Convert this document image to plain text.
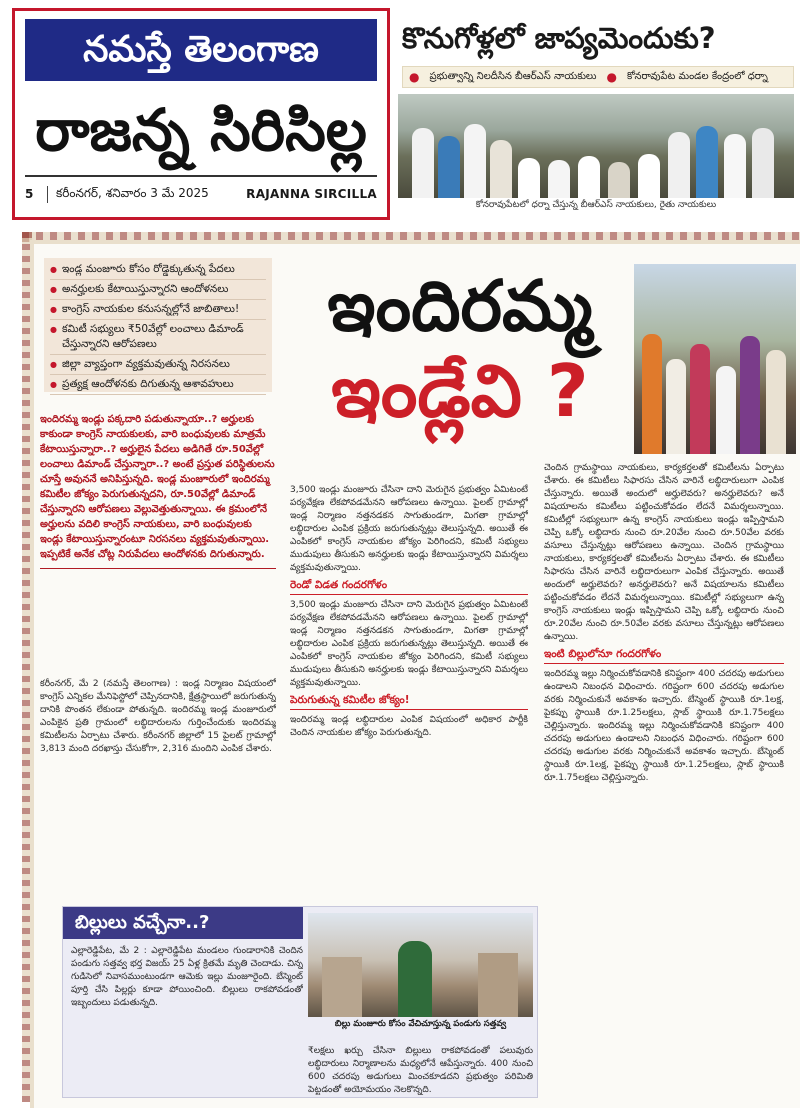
నమస్తే తెలంగాణ
రాజన్న సిరిసిల్ల
5	కరీంనగర్, శనివారం 3 మే 2025	RAJANNA SIRCILLA
కొనుగోళ్లలో జాప్యమెందుకు?
● ప్రభుత్వాన్ని నిలదీసిన బీఆర్ఎస్ నాయకులు ● కోనరావుపేట మండల కేంద్రంలో ధర్నా
కోనరావుపేటలో ధర్నా చేస్తున్న బీఆర్ఎస్ నాయకులు, రైతు నాయకులు
● ఇండ్ల మంజూరు కోసం రోడ్డెక్కుతున్న పేదలు
● అనర్హులకు కేటాయిస్తున్నారని ఆందోళనలు
● కాంగ్రెస్ నాయకుల కనుసన్నల్లోనే జాబితాలు!
● కమిటీ సభ్యులు ₹50వేల్లో లంచాలు డిమాండ్ చేస్తున్నారని ఆరోపణలు
● జిల్లా వ్యాప్తంగా వ్యక్తమవుతున్న నిరసనలు
● ప్రత్యక్ష ఆందోళనకు దిగుతున్న ఆశావహులు
ఇందిరమ్మ
ఇండ్లేవి ?
ఇందిరమ్మ ఇండ్లు పక్కదారి పడుతున్నాయా..? అర్హులకు కాకుండా కాంగ్రెస్ నాయకులకు, వారి బంధువులకు మాత్రమే కేటాయిస్తున్నారా..? అర్హులైన పేదలు అడిగితే రూ.50వేల్లో లంచాలు డిమాండ్ చేస్తున్నారా..? అంటే ప్రస్తుత పరిస్థితులను చూస్తే అవుననే అనిపిస్తున్నది. ఇండ్ల మంజూరులో ఇందిరమ్మ కమిటీల జోక్యం పెరుగుతున్నదని, రూ.50వేల్లో డిమాండ్ చేస్తున్నారని ఆరోపణలు వెల్లువెత్తుతున్నాయి. ఈ క్రమంలోనే అర్హులను వదిలి కాంగ్రెస్ నాయకులు, వారి బంధువులకు ఇండ్లు కేటాయిస్తున్నారంటూ నిరసనలు వ్యక్తమవుతున్నాయి. ఇప్పటికే అనేక చోట్ల నిరుపేదలు ఆందోళనకు దిగుతున్నారు.
కరీంనగర్, మే 2 (నమస్తే తెలంగాణ) : ఇండ్ల నిర్మాణం విషయంలో కాంగ్రెస్ ఎన్నికల మేనిఫెస్టోలో చెప్పినదానికి, క్షేత్రస్థాయిలో జరుగుతున్న దానికి పొంతన లేకుండా పోతున్నది. ఇందిరమ్మ ఇండ్ల మంజూరులో ఎంపికైన ప్రతి గ్రామంలో లబ్ధిదారులను గుర్తించేందుకు ఇందిరమ్మ కమిటీలను ఏర్పాటు చేశారు. కరీంనగర్ జిల్లాలో 15 పైలట్ గ్రామాల్లో 3,813 మంది దరఖాస్తు చేసుకోగా, 2,316 మందిని ఎంపిక చేశారు.
3,500 ఇండ్లు మంజూరు చేసినా దాని మెరుగైన ప్రభుత్వం ఏమిటంటే పర్యవేక్షణ లేకపోవడమేనని ఆరోపణలు ఉన్నాయి. పైలట్ గ్రామాల్లో ఇండ్ల నిర్మాణం నత్తనడకన సాగుతుండగా, మిగతా గ్రామాల్లో లబ్ధిదారుల ఎంపిక ప్రక్రియ జరుగుతున్నట్లు తెలుస్తున్నది. అయితే ఈ ఎంపికలో కాంగ్రెస్ నాయకుల జోక్యం పెరిగిందని, కమిటీ సభ్యులు ముడుపులు తీసుకుని అనర్హులకు ఇండ్లు కేటాయిస్తున్నారని విమర్శలు వ్యక్తమవుతున్నాయి.
రెండో విడత గందరగోళం
3,500 ఇండ్లు మంజూరు చేసినా దాని మెరుగైన ప్రభుత్వం ఏమిటంటే పర్యవేక్షణ లేకపోవడమేనని ఆరోపణలు ఉన్నాయి. పైలట్ గ్రామాల్లో ఇండ్ల నిర్మాణం నత్తనడకన సాగుతుండగా, మిగతా గ్రామాల్లో లబ్ధిదారుల ఎంపిక ప్రక్రియ జరుగుతున్నట్లు తెలుస్తున్నది. అయితే ఈ ఎంపికలో కాంగ్రెస్ నాయకుల జోక్యం పెరిగిందని, కమిటీ సభ్యులు ముడుపులు తీసుకుని అనర్హులకు ఇండ్లు కేటాయిస్తున్నారని విమర్శలు వ్యక్తమవుతున్నాయి.
పెరుగుతున్న కమిటీల జోక్యం!
ఇందిరమ్మ ఇండ్ల లబ్ధిదారుల ఎంపిక విషయంలో అధికార పార్టీకి చెందిన నాయకుల జోక్యం పెరుగుతున్నది.
చెందిన గ్రామస్థాయి నాయకులు, కార్యకర్తలతో కమిటీలను ఏర్పాటు చేశారు. ఈ కమిటీలు సిఫారసు చేసిన వారినే లబ్ధిదారులుగా ఎంపిక చేస్తున్నారు. అయితే అందులో అర్హులెవరు? అనర్హులెవరు? అనే విషయాలను కమిటీలు పట్టించుకోవడం లేదనే విమర్శలున్నాయి. కమిటీల్లో సభ్యులుగా ఉన్న కాంగ్రెస్ నాయకులు ఇండ్లు ఇప్పిస్తామని చెప్పి ఒక్కో లబ్ధిదారు నుంచి రూ.20వేల నుంచి రూ.50వేల వరకు వసూలు చేస్తున్నట్లు ఆరోపణలు ఉన్నాయి. చెందిన గ్రామస్థాయి నాయకులు, కార్యకర్తలతో కమిటీలను ఏర్పాటు చేశారు. ఈ కమిటీలు సిఫారసు చేసిన వారినే లబ్ధిదారులుగా ఎంపిక చేస్తున్నారు. అయితే అందులో అర్హులెవరు? అనర్హులెవరు? అనే విషయాలను కమిటీలు పట్టించుకోవడం లేదనే విమర్శలున్నాయి. కమిటీల్లో సభ్యులుగా ఉన్న కాంగ్రెస్ నాయకులు ఇండ్లు ఇప్పిస్తామని చెప్పి ఒక్కో లబ్ధిదారు నుంచి రూ.20వేల నుంచి రూ.50వేల వరకు వసూలు చేస్తున్నట్లు ఆరోపణలు ఉన్నాయి.
ఇంటి బిల్లులోనూ గందరగోళం
ఇందిరమ్మ ఇల్లు నిర్మించుకోవడానికి కనిష్టంగా 400 చదరపు అడుగులు ఉండాలని నిబంధన విధించారు. గరిష్టంగా 600 చదరపు అడుగుల వరకు నిర్మించుకునే అవకాశం ఇచ్చారు. బేస్మెంట్ స్థాయికి రూ.1లక్ష, పైకప్పు స్థాయికి రూ.1.25లక్షలు, స్లాబ్ స్థాయికి రూ.1.75లక్షలు చెల్లిస్తున్నారు. ఇందిరమ్మ ఇల్లు నిర్మించుకోవడానికి కనిష్టంగా 400 చదరపు అడుగులు ఉండాలని నిబంధన విధించారు. గరిష్టంగా 600 చదరపు అడుగుల వరకు నిర్మించుకునే అవకాశం ఇచ్చారు. బేస్మెంట్ స్థాయికి రూ.1లక్ష, పైకప్పు స్థాయికి రూ.1.25లక్షలు, స్లాబ్ స్థాయికి రూ.1.75లక్షలు చెల్లిస్తున్నారు.
బిల్లులు వచ్చేనా..?
ఎల్లారెడ్డిపేట, మే 2 : ఎల్లారెడ్డిపేట మండలం గుండారానికి చెందిన పండుగు సత్తవ్వ భర్త విజయ్ 25 ఏళ్ల క్రితమే మృతి చెందాడు. చిన్న గుడిసెలో నివాసముంటుండగా ఆమెకు ఇల్లు మంజూరైంది. బేస్మెంట్ పూర్తి చేసి పిల్లర్లు కూడా పోయించింది. బిల్లులు రాకపోవడంతో ఇబ్బందులు పడుతున్నది.
బిల్లు మంజూరు కోసం వేచిచూస్తున్న పండుగు సత్తవ్వ
₹లక్షలు ఖర్చు చేసినా బిల్లులు రాకపోవడంతో పలువురు లబ్ధిదారులు నిర్మాణాలను మధ్యలోనే ఆపేస్తున్నారు. 400 నుంచి 600 చదరపు అడుగులు మించకూడదని ప్రభుత్వం పరిమితి పెట్టడంతో అయోమయం నెలకొన్నది.
